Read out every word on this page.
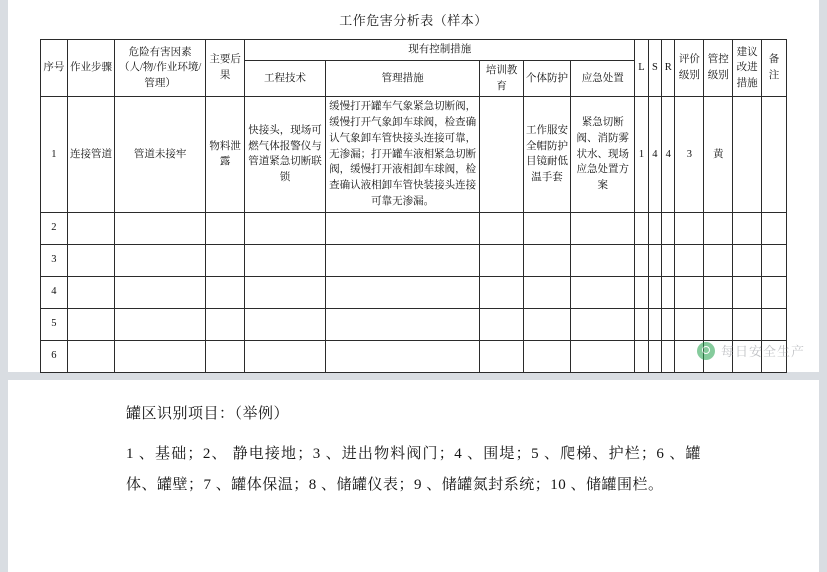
工作危害分析表（样本）
序号	作业步骤	危险有害因素（人/物/作业环境/管理）	主要后果	现有控制措施					L	S	R	评价级别	管控级别	建议改进措施	备注
				工程技术	管理措施	培训教育	个体防护	应急处置							
1	连接管道	管道未接牢	物料泄露	快接头，现场可燃气体报警仪与管道紧急切断联锁	缓慢打开罐车气象紧急切断阀，缓慢打开气象卸车球阀，检查确认气象卸车管快接头连接可靠，无渗漏；打开罐车液相紧急切断阀，缓慢打开液相卸车球阀，检查确认液相卸车管快装接头连接可靠无渗漏。		工作服安全帽防护目镜耐低温手套	紧急切断阀、消防雾状水、现场应急处置方案	1	4	4	3	黄		
2															
3															
4															
5															
6																每日安全生产
罐区识别项目：（举例）
1 、基础；2、 静电接地；3 、进出物料阀门；4 、围堤；5 、爬梯、护栏；6 、罐体、罐壁；7 、罐体保温；8 、储罐仪表；9 、储罐氮封系统；10 、储罐围栏。
